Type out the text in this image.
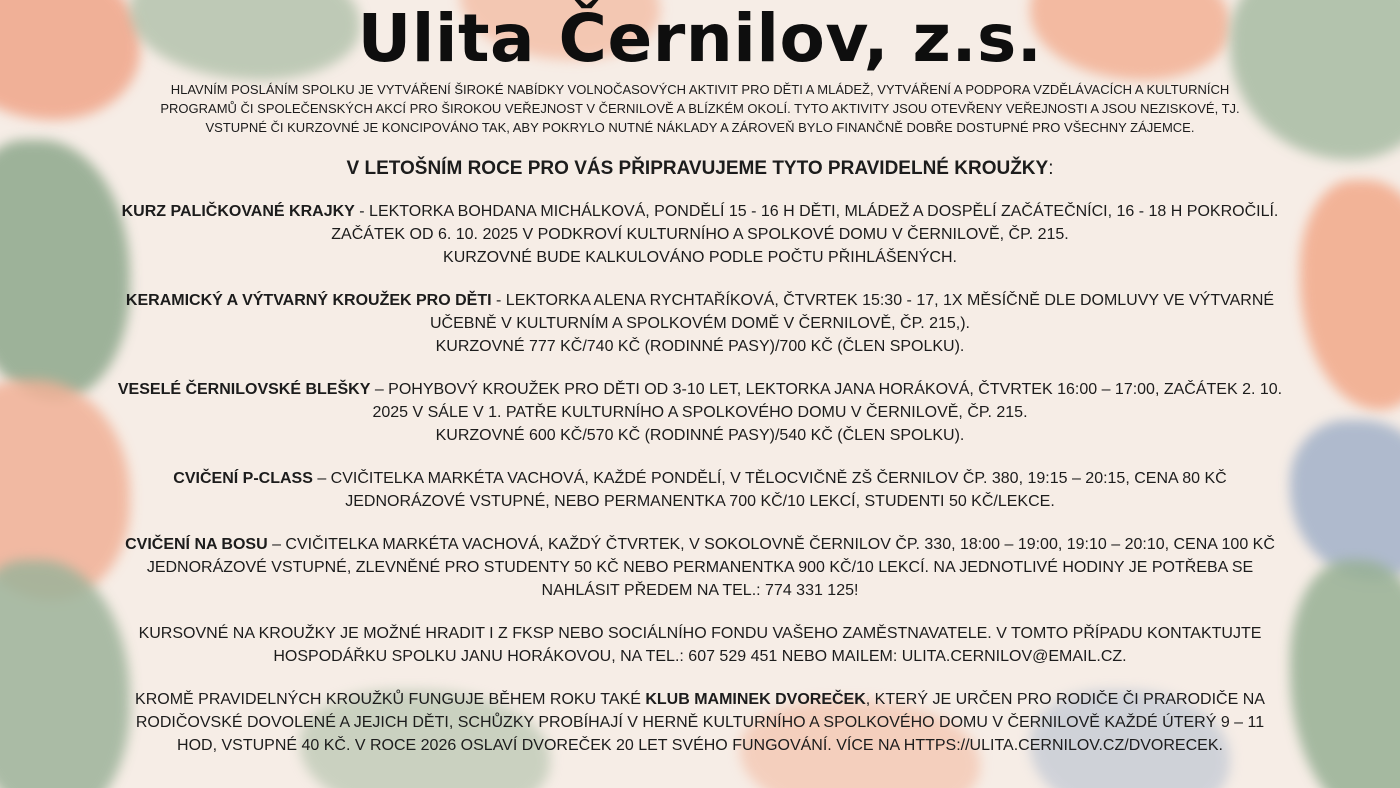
Ulita Černilov, z.s.
HLAVNÍM POSLÁNÍM SPOLKU JE VYTVÁŘENÍ ŠIROKÉ NABÍDKY VOLNOČASOVÝCH AKTIVIT PRO DĚTI A MLÁDEŽ, VYTVÁŘENÍ A PODPORA VZDĚLÁVACÍCH A KULTURNÍCH PROGRAMŮ ČI SPOLEČENSKÝCH AKCÍ PRO ŠIROKOU VEŘEJNOST V ČERNILOVĚ A BLÍZKÉM OKOLÍ. TYTO AKTIVITY JSOU OTEVŘENY VEŘEJNOSTI A JSOU NEZISKOVÉ, TJ. VSTUPNÉ ČI KURZOVNÉ JE KONCIPOVÁNO TAK, ABY POKRYLO NUTNÉ NÁKLADY A ZÁROVEŇ BYLO FINANČNĚ DOBŘE DOSTUPNÉ PRO VŠECHNY ZÁJEMCE.
V LETOŠNÍM ROCE PRO VÁS PŘIPRAVUJEME TYTO PRAVIDELNÉ KROUŽKY:
KURZ PALIČKOVANÉ KRAJKY - LEKTORKA BOHDANA MICHÁLKOVÁ, PONDĚLÍ 15 - 16 H DĚTI, MLÁDEŽ A DOSPĚLÍ ZAČÁTEČNÍCI, 16 - 18 H POKROČILÍ. ZAČÁTEK OD 6. 10. 2025 V PODKROVÍ KULTURNÍHO A SPOLKOVÉ DOMU V ČERNILOVĚ, ČP. 215.
KURZOVNÉ BUDE KALKULOVÁNO PODLE POČTU PŘIHLÁŠENÝCH.
KERAMICKÝ A VÝTVARNÝ KROUŽEK PRO DĚTI - LEKTORKA ALENA RYCHTAŘÍKOVÁ, ČTVRTEK 15:30 - 17, 1X MĚSÍČNĚ DLE DOMLUVY VE VÝTVARNÉ UČEBNĚ V KULTURNÍM A SPOLKOVÉM DOMĚ V ČERNILOVĚ, ČP. 215,).
KURZOVNÉ 777 KČ/740 KČ (RODINNÉ PASY)/700 KČ (ČLEN SPOLKU).
VESELÉ ČERNILOVSKÉ BLEŠKY – POHYBOVÝ KROUŽEK PRO DĚTI OD 3-10 LET, LEKTORKA JANA HORÁKOVÁ, ČTVRTEK 16:00 – 17:00, ZAČÁTEK 2. 10. 2025 V SÁLE V 1. PATŘE KULTURNÍHO A SPOLKOVÉHO DOMU V ČERNILOVĚ, ČP. 215.
KURZOVNÉ 600 KČ/570 KČ (RODINNÉ PASY)/540 KČ (ČLEN SPOLKU).
CVIČENÍ P-CLASS – CVIČITELKA MARKÉTA VACHOVÁ, KAŽDÉ PONDĚLÍ, V TĚLOCVIČNĚ ZŠ ČERNILOV ČP. 380, 19:15 – 20:15, CENA 80 KČ JEDNORÁZOVÉ VSTUPNÉ, NEBO PERMANENTKA 700 KČ/10 LEKCÍ, STUDENTI 50 KČ/LEKCE.
CVIČENÍ NA BOSU – CVIČITELKA MARKÉTA VACHOVÁ, KAŽDÝ ČTVRTEK, V SOKOLOVNĚ ČERNILOV ČP. 330, 18:00 – 19:00, 19:10 – 20:10, CENA 100 KČ JEDNORÁZOVÉ VSTUPNÉ, ZLEVNĚNÉ PRO STUDENTY 50 KČ NEBO PERMANENTKA 900 KČ/10 LEKCÍ. NA JEDNOTLIVÉ HODINY JE POTŘEBA SE NAHLÁSIT PŘEDEM NA TEL.: 774 331 125!
KURSOVNÉ NA KROUŽKY JE MOŽNÉ HRADIT I Z FKSP NEBO SOCIÁLNÍHO FONDU VAŠEHO ZAMĚSTNAVATELE. V TOMTO PŘÍPADU KONTAKTUJTE HOSPODÁŘKU SPOLKU JANU HORÁKOVOU, NA TEL.: 607 529 451 NEBO MAILEM: ULITA.CERNILOV@EMAIL.CZ.
KROMĚ PRAVIDELNÝCH KROUŽKŮ FUNGUJE BĚHEM ROKU TAKÉ KLUB MAMINEK DVOREČEK, KTERÝ JE URČEN PRO RODIČE ČI PRARODIČE NA RODIČOVSKÉ DOVOLENÉ A JEJICH DĚTI, SCHŮZKY PROBÍHAJÍ V HERNĚ KULTURNÍHO A SPOLKOVÉHO DOMU V ČERNILOVĚ KAŽDÉ ÚTERÝ 9 – 11 HOD, VSTUPNÉ 40 KČ. V ROCE 2026 OSLAVÍ DVOREČEK 20 LET SVÉHO FUNGOVÁNÍ. VÍCE NA HTTPS://ULITA.CERNILOV.CZ/DVORECEK.
